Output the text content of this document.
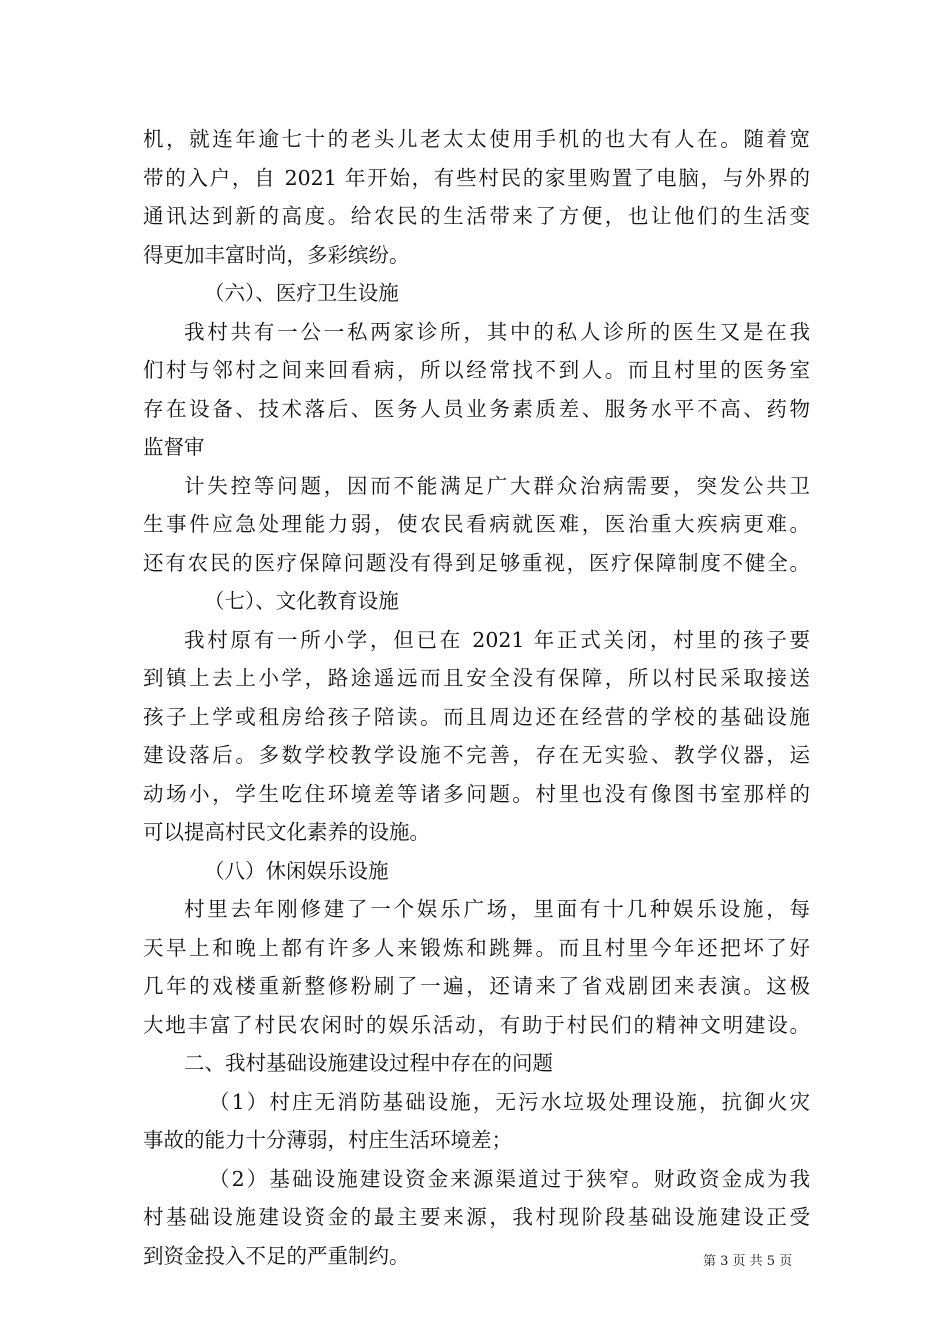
机，就连年逾七十的老头儿老太太使用手机的也大有人在。随着宽
带的入户，自 2021 年开始，有些村民的家里购置了电脑，与外界的
通讯达到新的高度。给农民的生活带来了方便，也让他们的生活变
得更加丰富时尚，多彩缤纷。
（六）、医疗卫生设施
我村共有一公一私两家诊所，其中的私人诊所的医生又是在我
们村与邻村之间来回看病，所以经常找不到人。而且村里的医务室
存在设备、技术落后、医务人员业务素质差、服务水平不高、药物
监督审
计失控等问题，因而不能满足广大群众治病需要，突发公共卫
生事件应急处理能力弱，使农民看病就医难，医治重大疾病更难。
还有农民的医疗保障问题没有得到足够重视，医疗保障制度不健全。
（七）、文化教育设施
我村原有一所小学，但已在 2021 年正式关闭，村里的孩子要
到镇上去上小学，路途遥远而且安全没有保障，所以村民采取接送
孩子上学或租房给孩子陪读。而且周边还在经营的学校的基础设施
建设落后。多数学校教学设施不完善，存在无实验、教学仪器，运
动场小，学生吃住环境差等诸多问题。村里也没有像图书室那样的
可以提高村民文化素养的设施。
（八）休闲娱乐设施
村里去年刚修建了一个娱乐广场，里面有十几种娱乐设施，每
天早上和晚上都有许多人来锻炼和跳舞。而且村里今年还把坏了好
几年的戏楼重新整修粉刷了一遍，还请来了省戏剧团来表演。这极
大地丰富了村民农闲时的娱乐活动，有助于村民们的精神文明建设。
二、我村基础设施建设过程中存在的问题
（1）村庄无消防基础设施，无污水垃圾处理设施，抗御火灾
事故的能力十分薄弱，村庄生活环境差；
（2）基础设施建设资金来源渠道过于狭窄。财政资金成为我
村基础设施建设资金的最主要来源，我村现阶段基础设施建设正受
到资金投入不足的严重制约。	第 3 页 共 5 页
